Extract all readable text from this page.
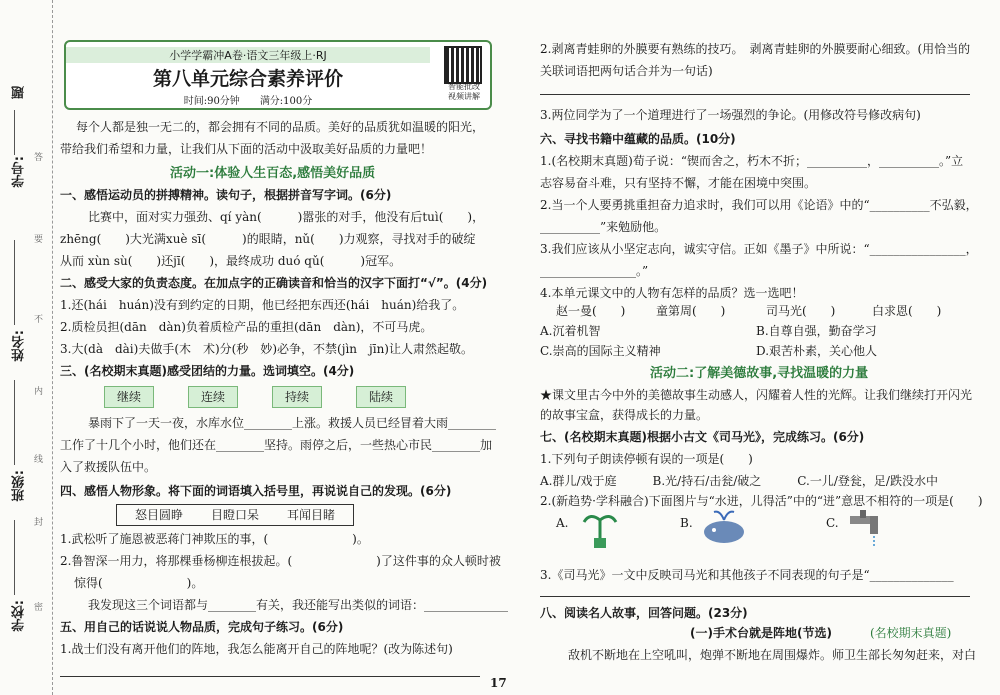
题
学号:
姓名:
班级:
学校:
答
要
不
内
线
封
密
小学学霸冲A卷·语文三年级上·RJ
第八单元综合素养评价
时间:90分钟　　 满分:100分
智能批改
视频讲解
每个人都是独一无二的，都会拥有不同的品质。美好的品质犹如温暖的阳光，
带给我们希望和力量，让我们从下面的活动中汲取美好品质的力量吧！
活动一:体验人生百态,感悟美好品质
一、感悟运动员的拼搏精神。读句子，根据拼音写字词。(6分)
比赛中，面对实力强劲、qí yàn(　　　)嚣张的对手，他没有后tuì(　　)，
zhēng(　　)大光满xuè sī(　　　)的眼睛，nǔ(　　)力观察，寻找对手的破绽
从而 xùn sù(　　)还jī(　　)，最终成功 duó qǔ(　　　)冠军。
二、感受大家的负责态度。在加点字的正确读音和恰当的汉字下面打“√”。(4分)
1.还(hái　huán)没有到约定的日期，他已经把东西还(hái　huán)给我了。
2.质检员担(dān　dàn)负着质检产品的重担(dān　dàn)，不可马虎。
3.大(dà　dài)夫做手(木　术)分(秒　妙)必争，不禁(jìn　jīn)让人肃然起敬。
三、(名校期末真题)感受团结的力量。选词填空。(4分)
继续	连续	持续	陆续
暴雨下了一天一夜，水库水位________上涨。救援人员已经冒着大雨________
工作了十几个小时，他们还在________坚持。雨停之后，一些热心市民________加
入了救援队伍中。
四、感悟人物形象。将下面的词语填入括号里，再说说自己的发现。(6分)
怒目圆睁 目瞪口呆 耳闻目睹
1.武松听了施恩被恶蒋门神欺压的事，(　　　　　　　)。
2.鲁智深一用力，将那棵垂杨柳连根拔起。(　　　　　　　)了这件事的众人顿时被
惊得(　　　　　　　)。
我发现这三个词语都与________有关，我还能写出类似的词语：______________
五、用自己的话说说人物品质，完成句子练习。(6分)
1.战士们没有离开他们的阵地，我怎么能离开自己的阵地呢？(改为陈述句)
2.剥离青蛙卵的外膜要有熟练的技巧。　剥离青蛙卵的外膜要耐心细致。(用恰当的
关联词语把两句话合并为一句话)
3.两位同学为了一个道理进行了一场强烈的争论。(用修改符号修改病句)
六、寻找书籍中蕴藏的品质。(10分)
1.(名校期末真题)荀子说：“锲而舍之，朽木不折；__________，__________。”立
志容易奋斗难，只有坚持不懈，才能在困境中突围。
2.当一个人要勇挑重担奋力追求时，我们可以用《论语》中的“__________不弘毅，
__________”来勉励他。
3.我们应该从小坚定志向，诚实守信。正如《墨子》中所说：“________________，
________________。”
4.本单元课文中的人物有怎样的品质？选一选吧！
赵一曼(　　)	童第周(　　)	司马光(　　)	白求恩(　　)
A.沉着机智	B.自尊自强，勤奋学习
C.崇高的国际主义精神	D.艰苦朴素，关心他人
活动二:了解美德故事,寻找温暖的力量
★课文里古今中外的美德故事生动感人，闪耀着人性的光辉。让我们继续打开闪光
的故事宝盒，获得成长的力量。
七、(名校期末真题)根据小古文《司马光》，完成练习。(6分)
1.下列句子朗读停顿有误的一项是(　　)
A.群儿/戏于庭　　　B.光/持石/击瓮/破之　　　C.一儿/登瓮，足/跌没水中
2.(新趋势·学科融合)下面图片与“水迸，儿得活”中的“迸”意思不相符的一项是(　　)
A.	B.	C.
3.《司马光》一文中反映司马光和其他孩子不同表现的句子是“______________
八、阅读名人故事，回答问题。(23分)
(一)手术台就是阵地(节选)	(名校期末真题)
敌机不断地在上空吼叫，炮弹不断地在周围爆炸。师卫生部长匆匆赶来，对白
17
